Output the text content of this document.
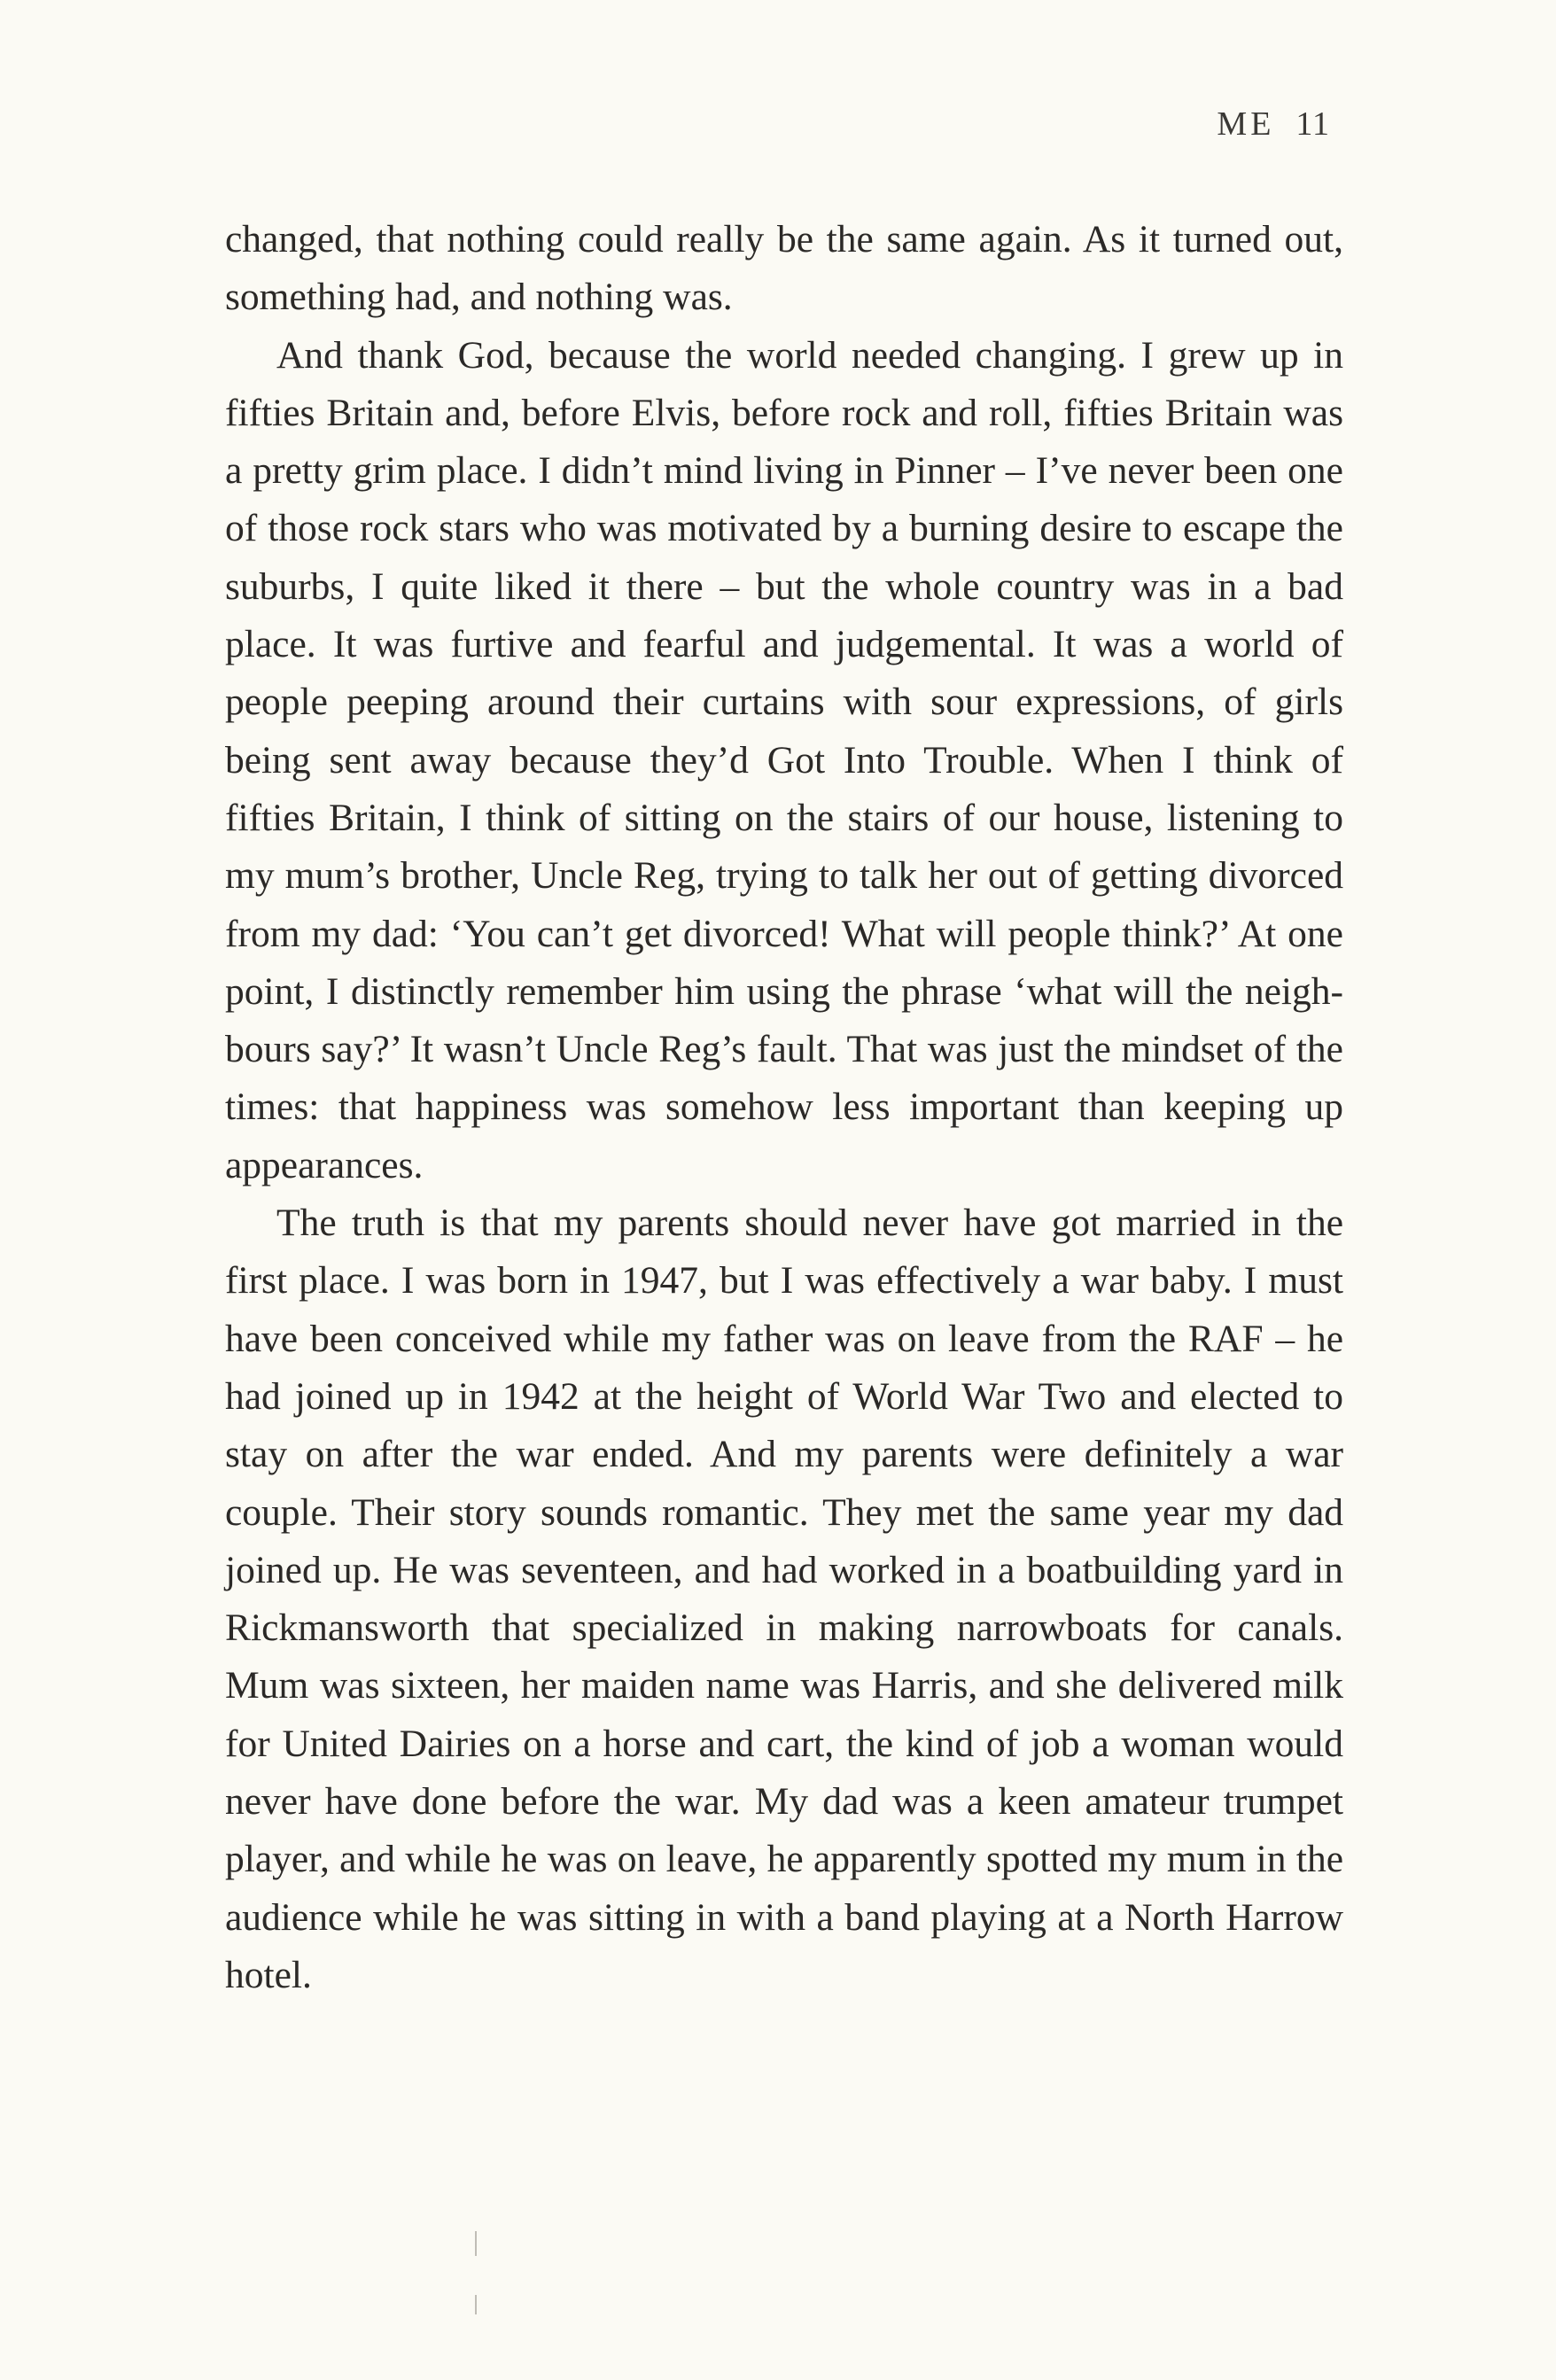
ME 11

changed, that nothing could really be the same again. As it turned out, something had, and nothing was.

And thank God, because the world needed changing. I grew up in fifties Britain and, before Elvis, before rock and roll, fifties Britain was a pretty grim place. I didn’t mind living in Pinner – I’ve never been one of those rock stars who was motivated by a burning desire to escape the suburbs, I quite liked it there – but the whole country was in a bad place. It was furtive and fearful and judgemental. It was a world of people peeping around their curtains with sour expressions, of girls being sent away because they’d Got Into Trouble. When I think of fifties Britain, I think of sitting on the stairs of our house, listening to my mum’s brother, Uncle Reg, trying to talk her out of getting divorced from my dad: ‘You can’t get divorced! What will people think?’ At one point, I distinctly remember him using the phrase ‘what will the neighbours say?’ It wasn’t Uncle Reg’s fault. That was just the mindset of the times: that happiness was somehow less important than keeping up appearances.

The truth is that my parents should never have got married in the first place. I was born in 1947, but I was effectively a war baby. I must have been conceived while my father was on leave from the RAF – he had joined up in 1942 at the height of World War Two and elected to stay on after the war ended. And my parents were definitely a war couple. Their story sounds romantic. They met the same year my dad joined up. He was seventeen, and had worked in a boatbuilding yard in Rickmansworth that specialized in making narrowboats for canals. Mum was sixteen, her maiden name was Harris, and she delivered milk for United Dairies on a horse and cart, the kind of job a woman would never have done before the war. My dad was a keen amateur trumpet player, and while he was on leave, he apparently spotted my mum in the audience while he was sitting in with a band playing at a North Harrow hotel.
